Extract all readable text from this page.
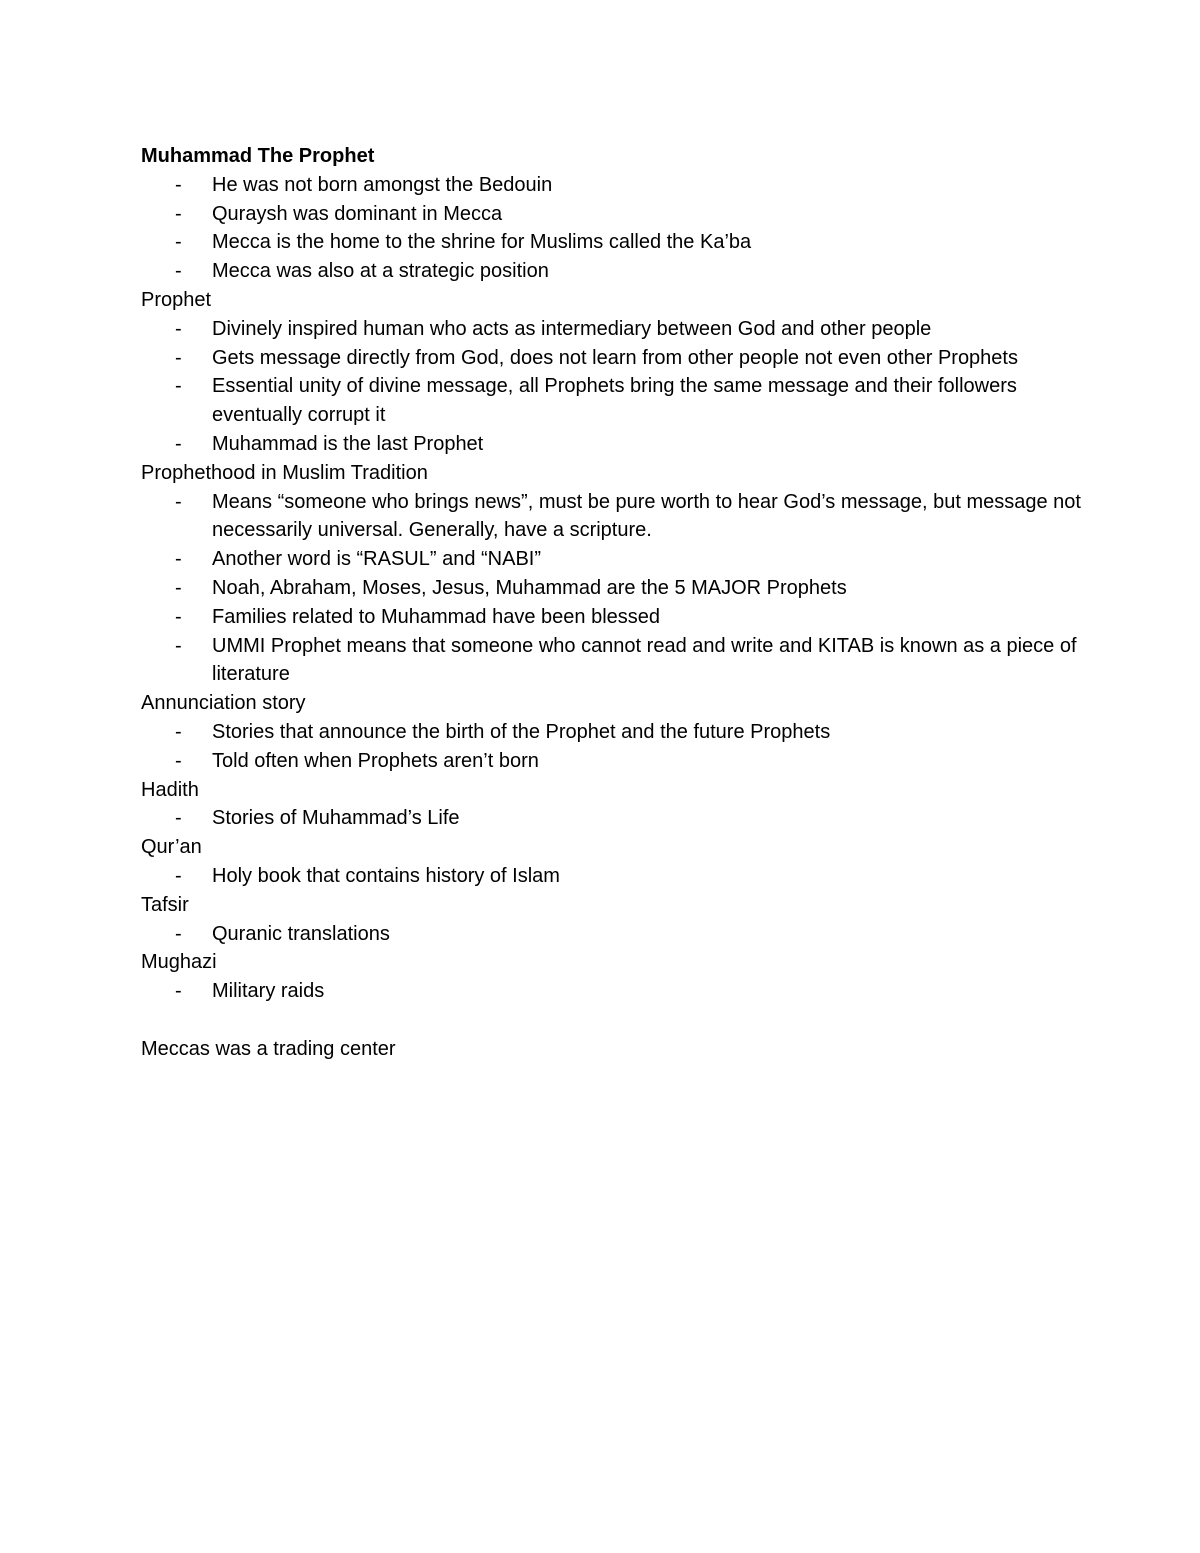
Muhammad The Prophet

- He was not born amongst the Bedouin
- Quraysh was dominant in Mecca
- Mecca is the home to the shrine for Muslims called the Ka’ba
- Mecca was also at a strategic position

Prophet

- Divinely inspired human who acts as intermediary between God and other people
- Gets message directly from God, does not learn from other people not even other Prophets
- Essential unity of divine message, all Prophets bring the same message and their followers eventually corrupt it
- Muhammad is the last Prophet

Prophethood in Muslim Tradition

- Means “someone who brings news”, must be pure worth to hear God’s message, but message not necessarily universal. Generally, have a scripture.
- Another word is “RASUL” and “NABI”
- Noah, Abraham, Moses, Jesus, Muhammad are the 5 MAJOR Prophets
- Families related to Muhammad have been blessed
- UMMI Prophet means that someone who cannot read and write and KITAB is known as a piece of literature

Annunciation story

- Stories that announce the birth of the Prophet and the future Prophets
- Told often when Prophets aren’t born

Hadith

- Stories of Muhammad’s Life

Qur’an

- Holy book that contains history of Islam

Tafsir

- Quranic translations

Mughazi

- Military raids

Meccas was a trading center
